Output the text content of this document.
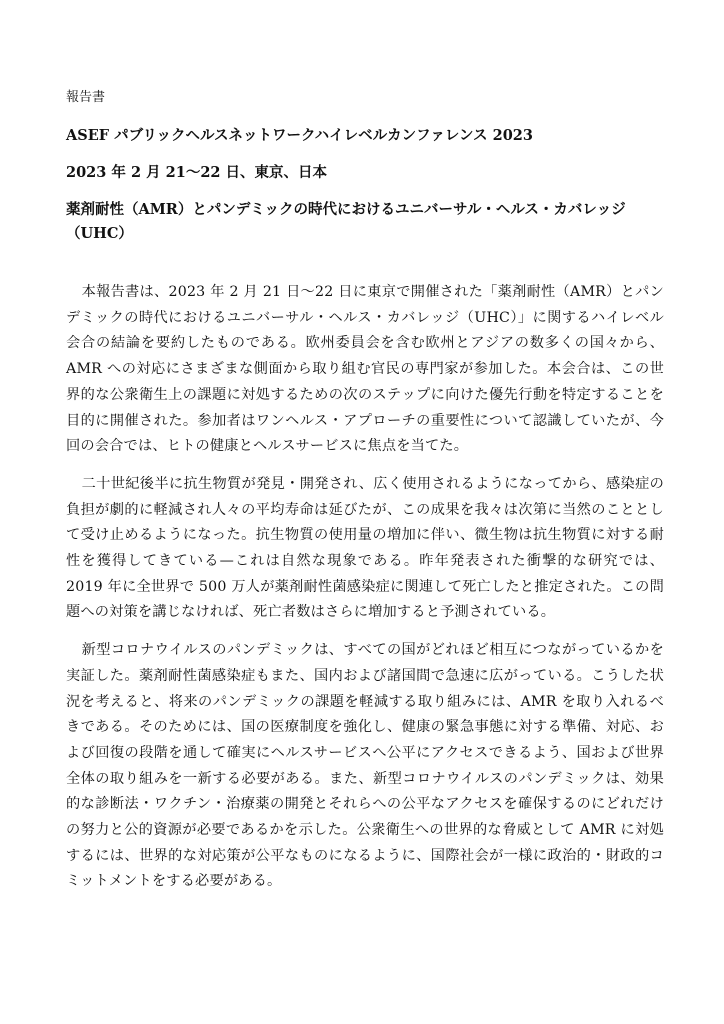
報告書
ASEF パブリックヘルスネットワークハイレベルカンファレンス 2023
2023 年 2 月 21〜22 日、東京、日本
薬剤耐性（AMR）とパンデミックの時代におけるユニバーサル・ヘルス・カバレッジ（UHC）

本報告書は、2023 年 2 月 21 日〜22 日に東京で開催された「薬剤耐性（AMR）とパンデミックの時代におけるユニバーサル・ヘルス・カバレッジ（UHC）」に関するハイレベル会合の結論を要約したものである。欧州委員会を含む欧州とアジアの数多くの国々から、AMR への対応にさまざまな側面から取り組む官民の専門家が参加した。本会合は、この世界的な公衆衛生上の課題に対処するための次のステップに向けた優先行動を特定することを目的に開催された。参加者はワンヘルス・アプローチの重要性について認識していたが、今回の会合では、ヒトの健康とヘルスサービスに焦点を当てた。

二十世紀後半に抗生物質が発見・開発され、広く使用されるようになってから、感染症の負担が劇的に軽減され人々の平均寿命は延びたが、この成果を我々は次第に当然のこととして受け止めるようになった。抗生物質の使用量の増加に伴い、微生物は抗生物質に対する耐性を獲得してきている—これは自然な現象である。昨年発表された衝撃的な研究では、2019 年に全世界で 500 万人が薬剤耐性菌感染症に関連して死亡したと推定された。この問題への対策を講じなければ、死亡者数はさらに増加すると予測されている。

新型コロナウイルスのパンデミックは、すべての国がどれほど相互につながっているかを実証した。薬剤耐性菌感染症もまた、国内および諸国間で急速に広がっている。こうした状況を考えると、将来のパンデミックの課題を軽減する取り組みには、AMR を取り入れるべきである。そのためには、国の医療制度を強化し、健康の緊急事態に対する準備、対応、および回復の段階を通して確実にヘルスサービスへ公平にアクセスできるよう、国および世界全体の取り組みを一新する必要がある。また、新型コロナウイルスのパンデミックは、効果的な診断法・ワクチン・治療薬の開発とそれらへの公平なアクセスを確保するのにどれだけの努力と公的資源が必要であるかを示した。公衆衛生への世界的な脅威として AMR に対処するには、世界的な対応策が公平なものになるように、国際社会が一様に政治的・財政的コミットメントをする必要がある。
